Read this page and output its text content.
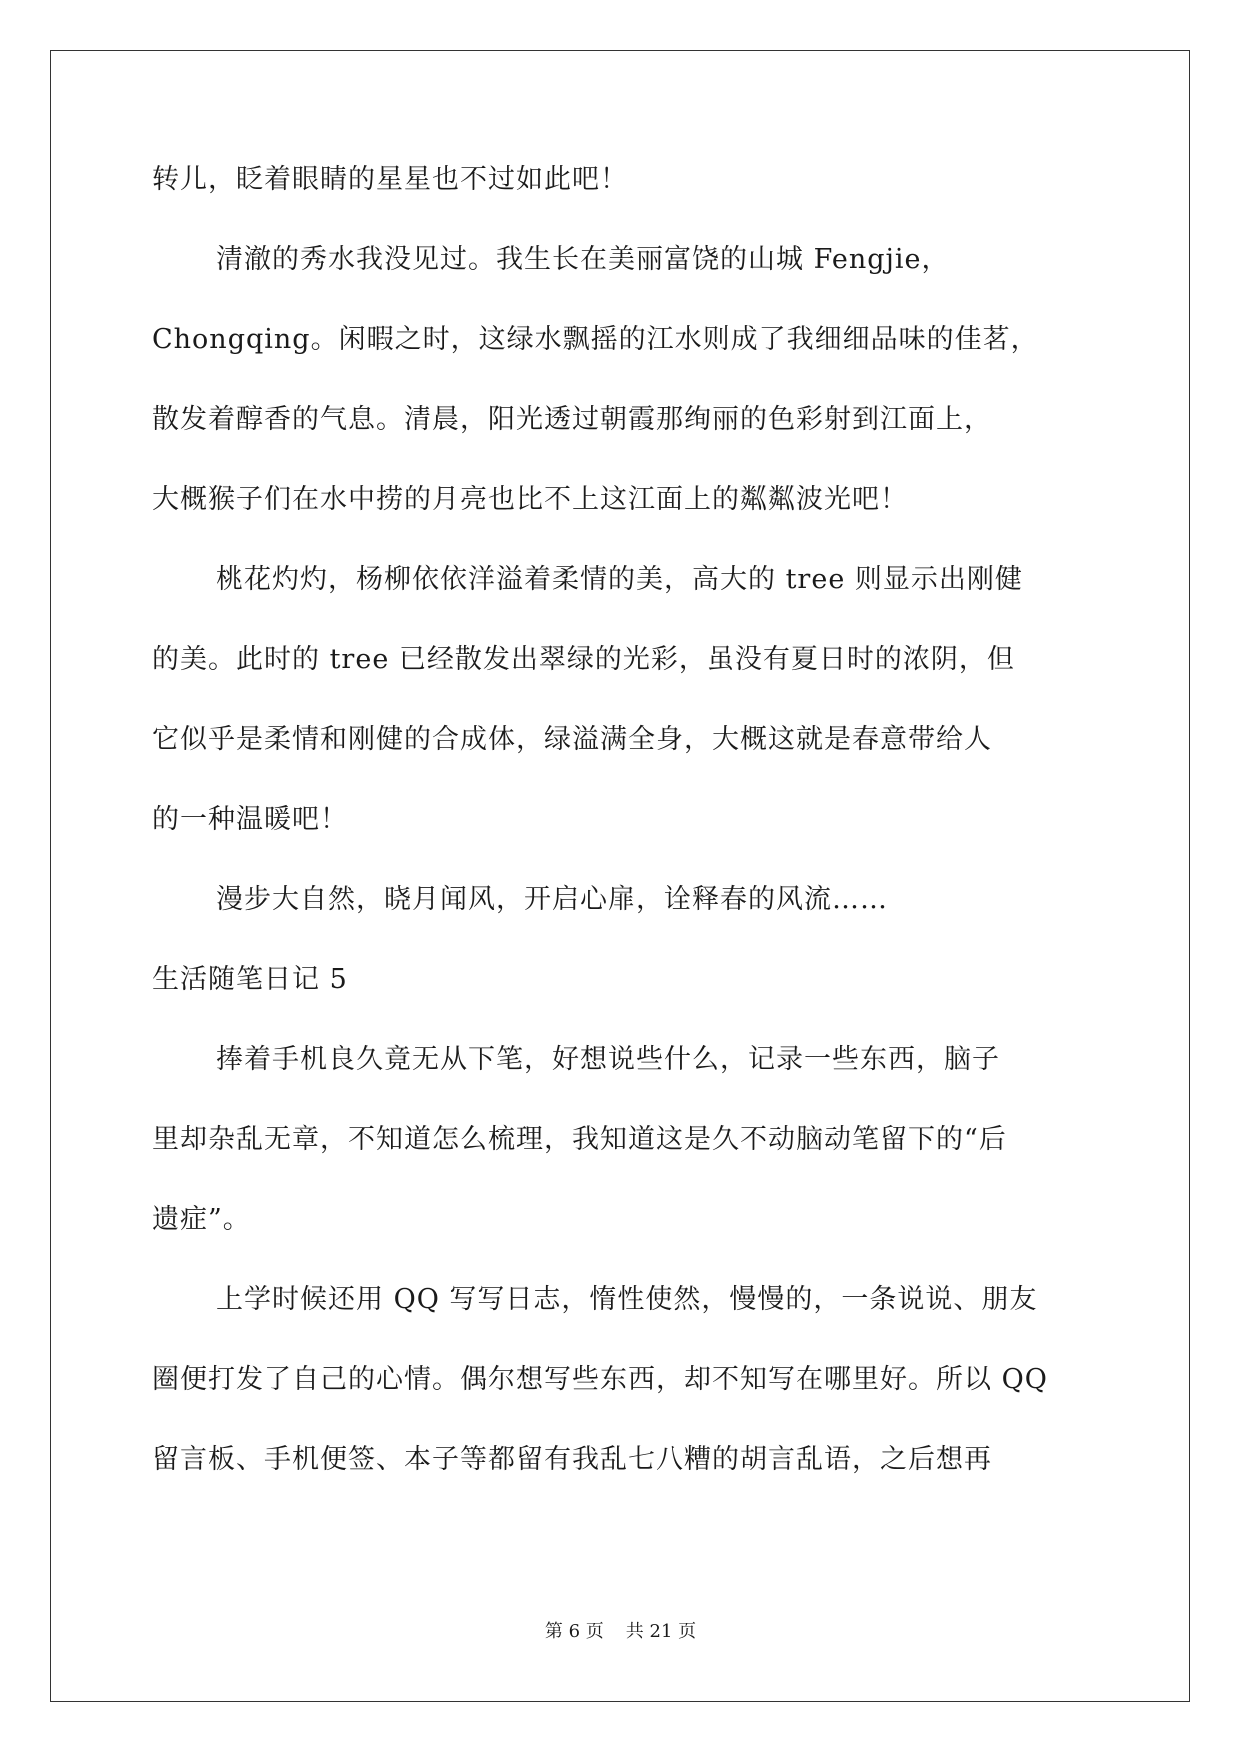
转儿，眨着眼睛的星星也不过如此吧！
清澈的秀水我没见过。我生长在美丽富饶的山城 Fengjie，
Chongqing。闲暇之时，这绿水飘摇的江水则成了我细细品味的佳茗，
散发着醇香的气息。清晨，阳光透过朝霞那绚丽的色彩射到江面上，
大概猴子们在水中捞的月亮也比不上这江面上的粼粼波光吧！
桃花灼灼，杨柳依依洋溢着柔情的美，高大的 tree 则显示出刚健
的美。此时的 tree 已经散发出翠绿的光彩，虽没有夏日时的浓阴，但
它似乎是柔情和刚健的合成体，绿溢满全身，大概这就是春意带给人
的一种温暖吧！
漫步大自然，晓月闻风，开启心扉，诠释春的风流……
生活随笔日记 5
捧着手机良久竟无从下笔，好想说些什么，记录一些东西，脑子
里却杂乱无章，不知道怎么梳理，我知道这是久不动脑动笔留下的“后
遗症”。
上学时候还用 QQ 写写日志，惰性使然，慢慢的，一条说说、朋友
圈便打发了自己的心情。偶尔想写些东西，却不知写在哪里好。所以 QQ
留言板、手机便签、本子等都留有我乱七八糟的胡言乱语，之后想再
第 6 页 共 21 页
